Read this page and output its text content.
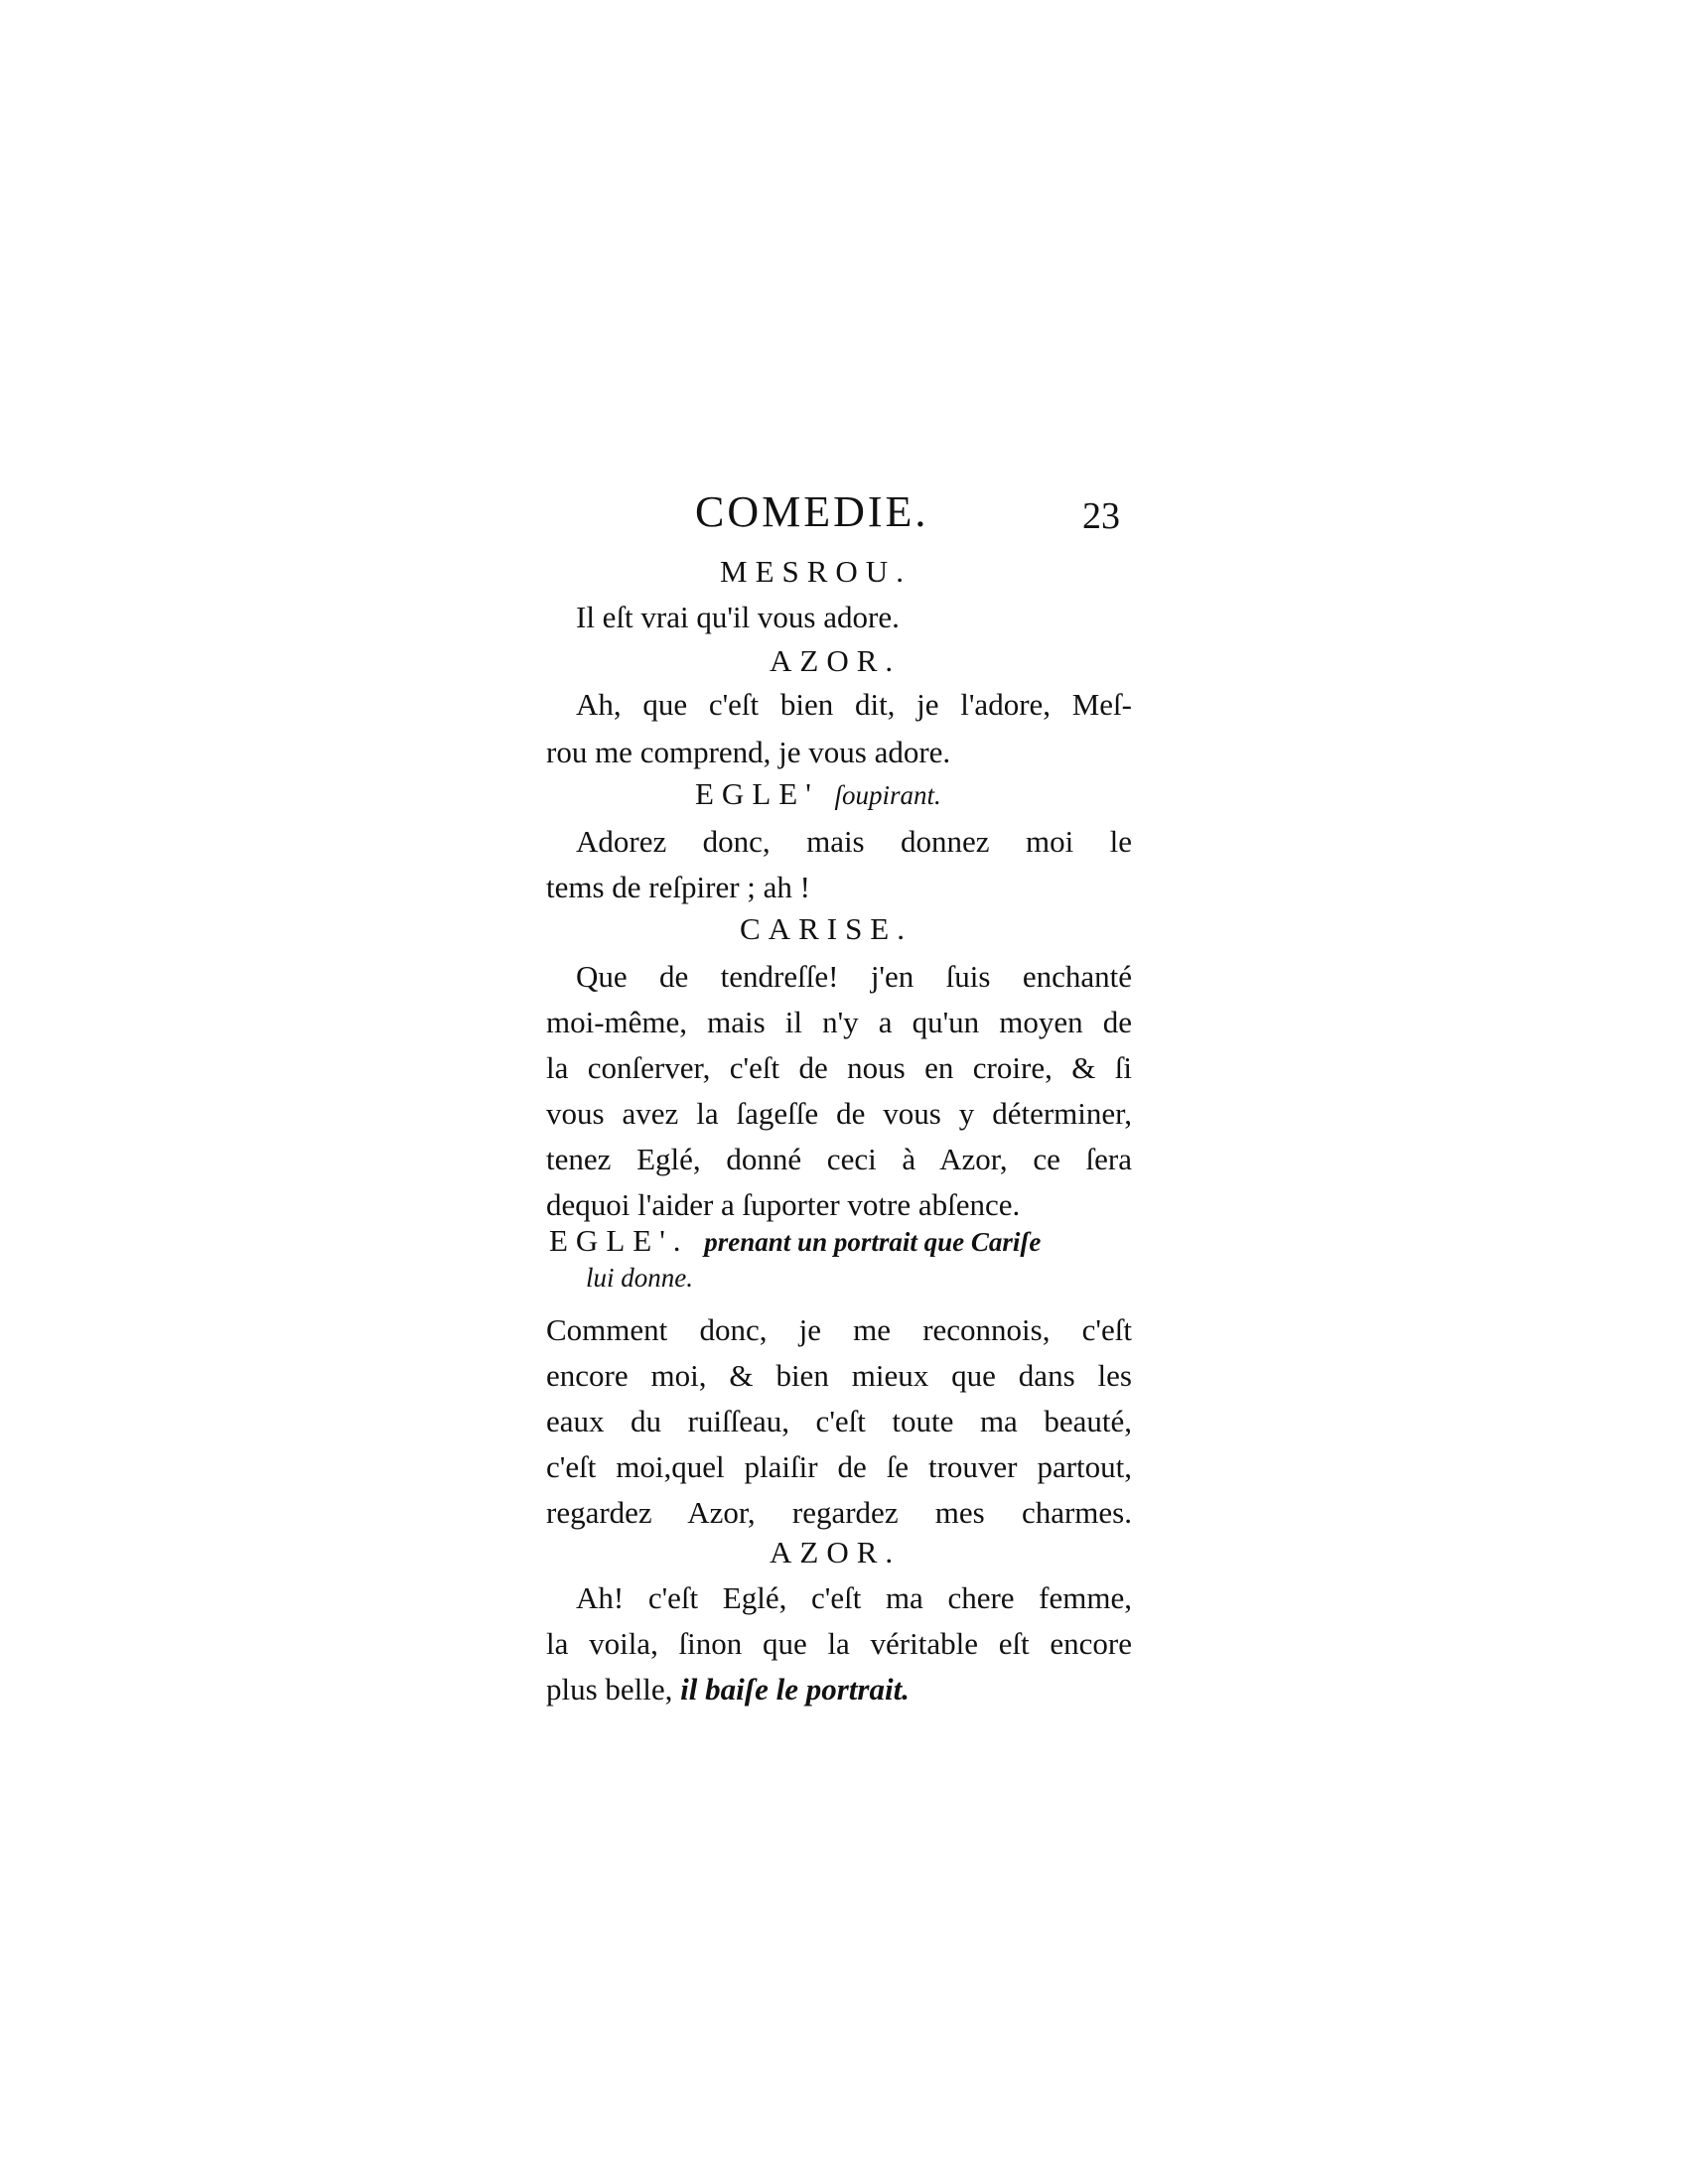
COMEDIE.	23
MESROU.
Il eſt vrai qu'il vous adore.
AZOR.
Ah, que c'eſt bien dit, je l'adore, Meſ-
rou me comprend, je vous adore.
EGLE' ſoupirant.
Adorez donc, mais donnez moi le
tems de reſpirer ; ah !
CARISE.
Que de tendreſſe! j'en ſuis enchanté
moi-même, mais il n'y a qu'un moyen de
la conſerver, c'eſt de nous en croire, & ſi
vous avez la ſageſſe de vous y déterminer,
tenez Eglé, donné ceci à Azor, ce ſera
dequoi l'aider a ſuporter votre abſence.
EGLE'. prenant un portrait que Cariſe
lui donne.
Comment donc, je me reconnois, c'eſt
encore moi, & bien mieux que dans les
eaux du ruiſſeau, c'eſt toute ma beauté,
c'eſt moi,quel plaiſir de ſe trouver partout,
regardez Azor, regardez mes charmes.
AZOR.
Ah! c'eſt Eglé, c'eſt ma chere femme,
la voila, ſinon que la véritable eſt encore
plus belle, il baiſe le portrait.
